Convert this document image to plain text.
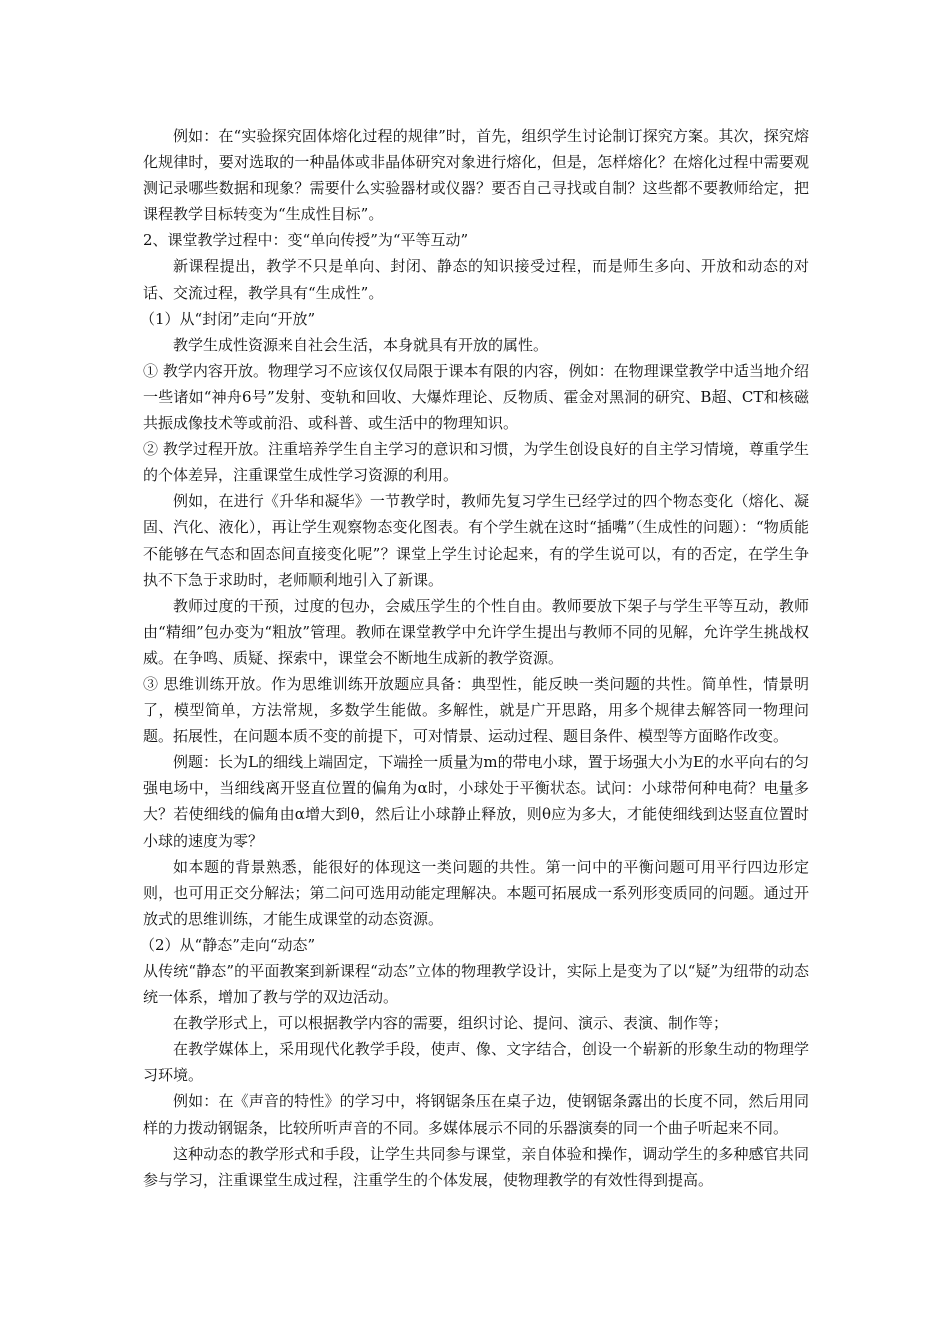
例如：在“实验探究固体熔化过程的规律”时，首先，组织学生讨论制订探究方案。其次，探究熔化规律时，要对选取的一种晶体或非晶体研究对象进行熔化，但是，怎样熔化？在熔化过程中需要观测记录哪些数据和现象？需要什么实验器材或仪器？要否自己寻找或自制？这些都不要教师给定，把课程教学目标转变为“生成性目标”。

2、课堂教学过程中：变“单向传授”为“平等互动”

新课程提出，教学不只是单向、封闭、静态的知识接受过程，而是师生多向、开放和动态的对话、交流过程，教学具有“生成性”。

（1）从“封闭”走向“开放”

教学生成性资源来自社会生活，本身就具有开放的属性。

① 教学内容开放。物理学习不应该仅仅局限于课本有限的内容，例如：在物理课堂教学中适当地介绍一些诸如“神舟6号”发射、变轨和回收、大爆炸理论、反物质、霍金对黑洞的研究、B超、CT和核磁共振成像技术等或前沿、或科普、或生活中的物理知识。

② 教学过程开放。注重培养学生自主学习的意识和习惯，为学生创设良好的自主学习情境，尊重学生的个体差异，注重课堂生成性学习资源的利用。

例如，在进行《升华和凝华》一节教学时，教师先复习学生已经学过的四个物态变化（熔化、凝固、汽化、液化），再让学生观察物态变化图表。有个学生就在这时“插嘴”（生成性的问题）：“物质能不能够在气态和固态间直接变化呢”？课堂上学生讨论起来，有的学生说可以，有的否定，在学生争执不下急于求助时，老师顺利地引入了新课。

教师过度的干预，过度的包办，会威压学生的个性自由。教师要放下架子与学生平等互动，教师由“精细”包办变为“粗放”管理。教师在课堂教学中允许学生提出与教师不同的见解，允许学生挑战权威。在争鸣、质疑、探索中，课堂会不断地生成新的教学资源。

③ 思维训练开放。作为思维训练开放题应具备：典型性，能反映一类问题的共性。简单性，情景明了，模型简单，方法常规，多数学生能做。多解性，就是广开思路，用多个规律去解答同一物理问题。拓展性，在问题本质不变的前提下，可对情景、运动过程、题目条件、模型等方面略作改变。

例题：长为L的细线上端固定，下端拴一质量为m的带电小球，置于场强大小为E的水平向右的匀强电场中，当细线离开竖直位置的偏角为α时，小球处于平衡状态。试问：小球带何种电荷？电量多大？若使细线的偏角由α增大到θ，然后让小球静止释放，则θ应为多大，才能使细线到达竖直位置时小球的速度为零？

如本题的背景熟悉，能很好的体现这一类问题的共性。第一问中的平衡问题可用平行四边形定则，也可用正交分解法；第二问可选用动能定理解决。本题可拓展成一系列形变质同的问题。通过开放式的思维训练，才能生成课堂的动态资源。

（2）从“静态”走向“动态”

从传统“静态”的平面教案到新课程“动态”立体的物理教学设计，实际上是变为了以“疑”为纽带的动态统一体系，增加了教与学的双边活动。

在教学形式上，可以根据教学内容的需要，组织讨论、提问、演示、表演、制作等；

在教学媒体上，采用现代化教学手段，使声、像、文字结合，创设一个崭新的形象生动的物理学习环境。

例如：在《声音的特性》的学习中，将钢锯条压在桌子边，使钢锯条露出的长度不同，然后用同样的力拨动钢锯条，比较所听声音的不同。多媒体展示不同的乐器演奏的同一个曲子听起来不同。

这种动态的教学形式和手段，让学生共同参与课堂，亲自体验和操作，调动学生的多种感官共同参与学习，注重课堂生成过程，注重学生的个体发展，使物理教学的有效性得到提高。
